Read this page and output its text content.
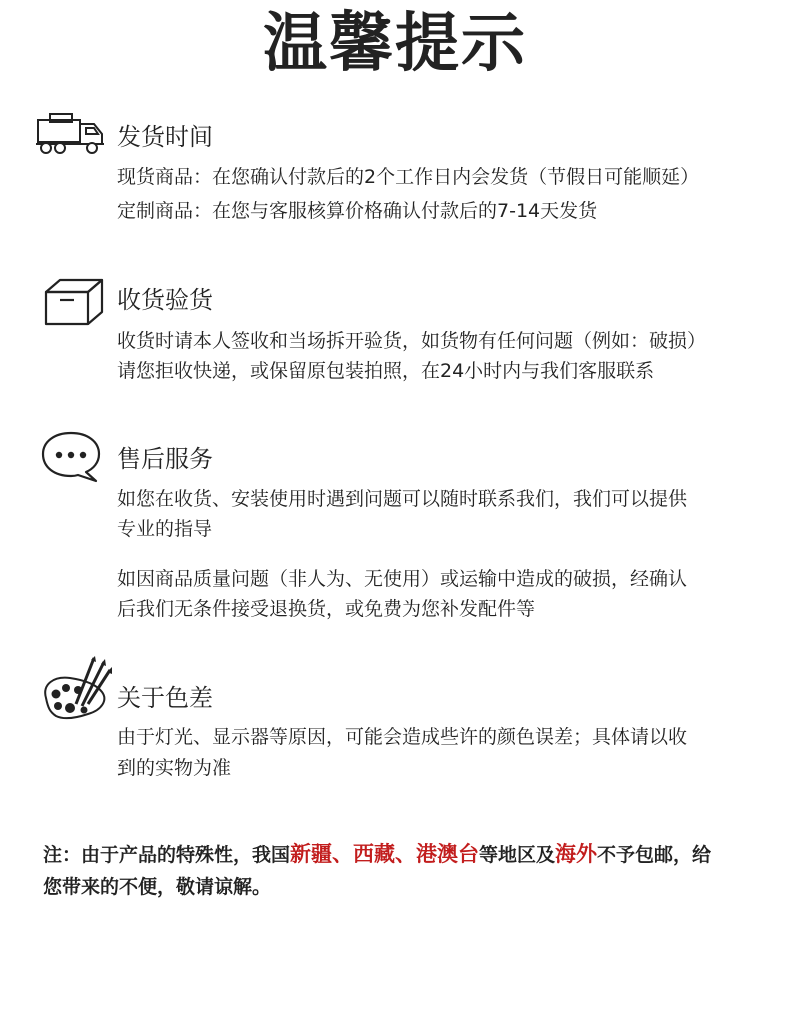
温馨提示
发货时间
现货商品：在您确认付款后的2个工作日内会发货（节假日可能顺延）
定制商品：在您与客服核算价格确认付款后的7-14天发货
收货验货
收货时请本人签收和当场拆开验货，如货物有任何问题（例如：破损）
请您拒收快递，或保留原包装拍照，在24小时内与我们客服联系
售后服务
如您在收货、安装使用时遇到问题可以随时联系我们，我们可以提供
专业的指导
如因商品质量问题（非人为、无使用）或运输中造成的破损，经确认
后我们无条件接受退换货，或免费为您补发配件等
关于色差
由于灯光、显示器等原因，可能会造成些许的颜色误差；具体请以收
到的实物为准
注：由于产品的特殊性，我国新疆、西藏、港澳台等地区及海外不予包邮，给
您带来的不便，敬请谅解。
